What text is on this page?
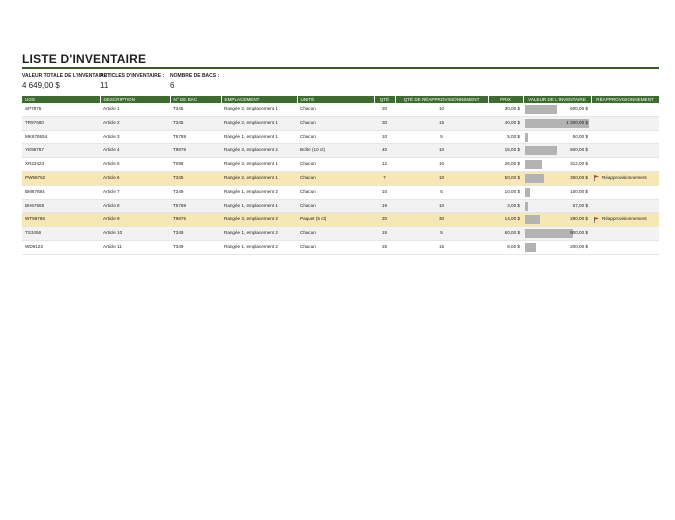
LISTE D'INVENTAIRE
VALEUR TOTALE DE L'INVENTAIRE :
4 649,00 $
ARTICLES D'INVENTAIRE :
11
NOMBRE DE BACS :
6
UGS	DESCRIPTION	N° DE BAC	EMPLACEMENT	UNITÉ	QTÉ	QTÉ DE RÉAPPROVISIONNEMENT	PRIX	VALEUR DE L'INVENTAIRE	RÉAPPROVISIONNEMENT
SP7875	Article 1	T345	Rangée 2, emplacement 1	Chacun	20	10	30,00 $	600,00 $	

TR97680	Article 2	T345	Rangée 2, emplacement 1	Chacun	30	15	40,00 $	1 200,00 $	

MK676554	Article 3	T5789	Rangée 1, emplacement 1	Chacun	10	5	5,00 $	50,00 $	

YE98767	Article 4	T9876	Rangée 3, emplacement 2	Boîte (10 ct)	40	10	15,00 $	600,00 $	

XR23423	Article 5	T098	Rangée 3, emplacement 1	Chacun	12	10	26,00 $	312,00 $	

PW98762	Article 6	T345	Rangée 2, emplacement 1	Chacun	7	10	50,00 $	350,00 $	Réapprovisionnement
BM87684	Article 7	T349	Rangée 1, emplacement 2	Chacun	10	5	10,00 $	100,00 $	

BH67655	Article 8	T5789	Rangée 1, emplacement 1	Chacun	19	10	3,00 $	57,00 $	

WT98768	Article 9	T9875	Rangée 3, emplacement 2	Paquet (5 ct)	20	30	14,00 $	280,00 $	Réapprovisionnement
TS3456	Article 10	T349	Rangée 1, emplacement 2	Chacun	15	5	60,00 $	900,00 $	

WD9123	Article 11	T349	Rangée 1, emplacement 2	Chacun	25	15	8,00 $	200,00 $	
